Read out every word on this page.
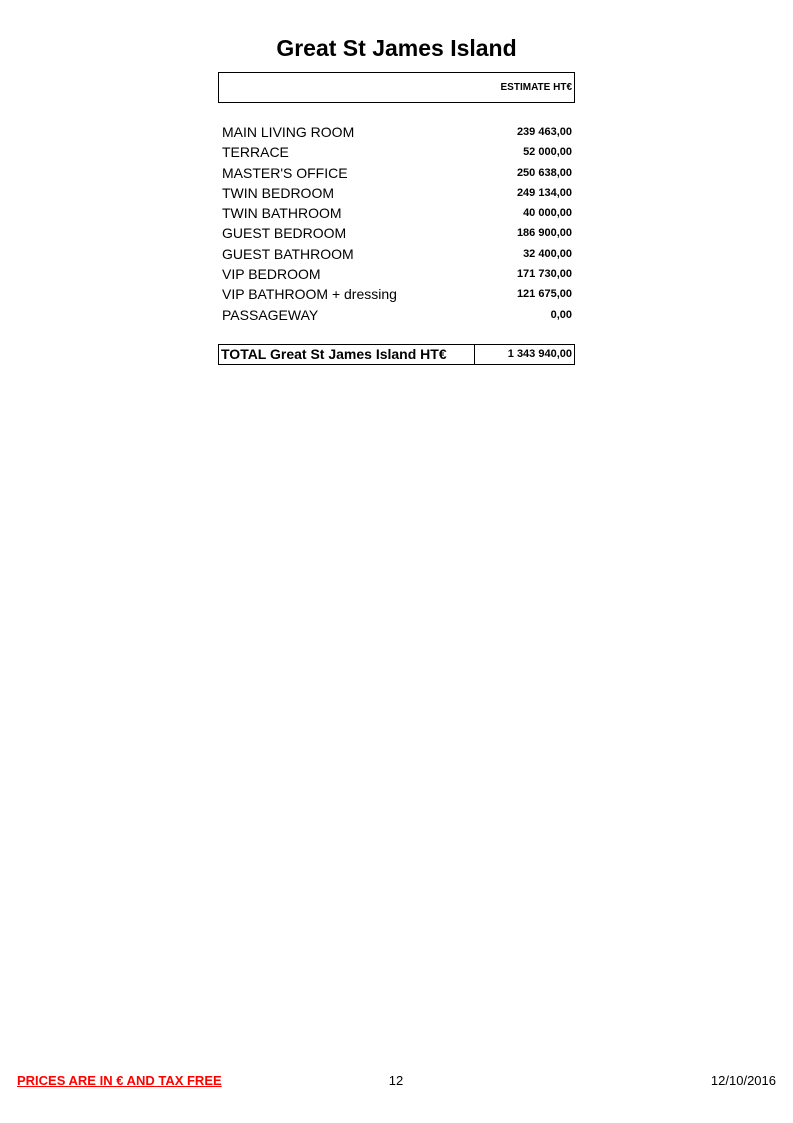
Great St James Island
ESTIMATE HT€
MAIN LIVING ROOM	239 463,00
TERRACE	52 000,00
MASTER'S OFFICE	250 638,00
TWIN BEDROOM	249 134,00
TWIN BATHROOM	40 000,00
GUEST BEDROOM	186 900,00
GUEST BATHROOM	32 400,00
VIP BEDROOM	171 730,00
VIP BATHROOM + dressing	121 675,00
PASSAGEWAY	0,00
TOTAL Great St James Island HT€	1 343 940,00
PRICES ARE IN € AND TAX FREE	12	12/10/2016
